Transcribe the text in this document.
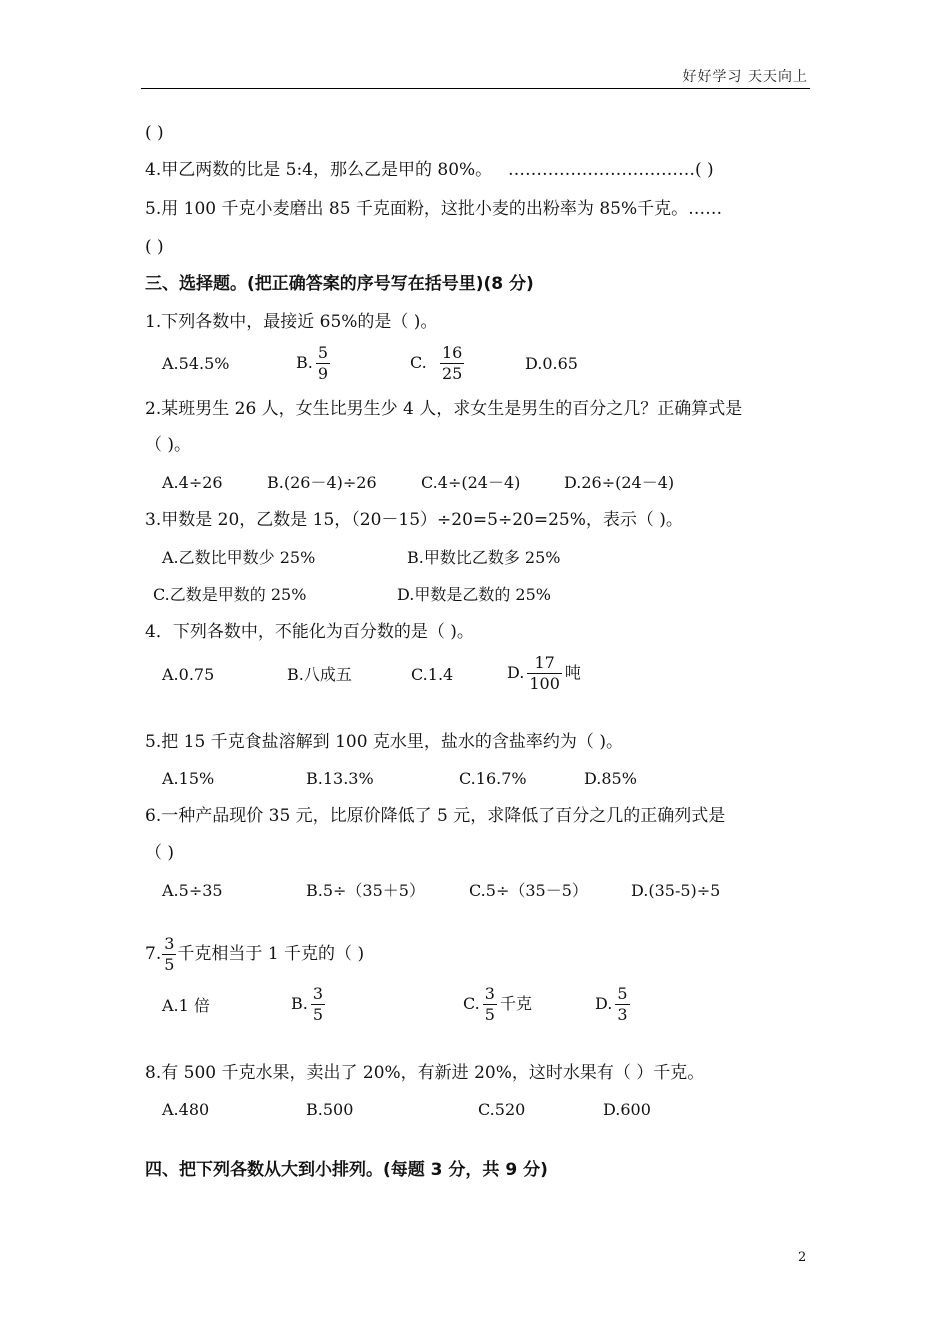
好好学习 天天向上
( )
4.甲乙两数的比是 5:4，那么乙是甲的 80%。 ……………………………( )
5.用 100 千克小麦磨出 85 千克面粉，这批小麦的出粉率为 85%千克。……
( )
三、选择题。(把正确答案的序号写在括号里)(8 分)
1.下列各数中，最接近 65%的是（ )。
A.54.5%	B. $\frac{5}{9}$	C. $\frac{16}{25}$	D.0.65
2.某班男生 26 人，女生比男生少 4 人，求女生是男生的百分之几？正确算式是
（ )。
A.4÷26	B.(26－4)÷26	C.4÷(24－4)	D.26÷(24－4)
3.甲数是 20，乙数是 15，（20－15）÷20=5÷20=25%，表示（ )。
A.乙数比甲数少 25%	B.甲数比乙数多 25%
C.乙数是甲数的 25%	D.甲数是乙数的 25%
4．下列各数中，不能化为百分数的是（ )。
A.0.75	B.八成五	C.1.4	D. $\frac{17}{100}$ 吨
5.把 15 千克食盐溶解到 100 克水里，盐水的含盐率约为（ )。
A.15%	B.13.3%	C.16.7%	D.85%
6.一种产品现价 35 元，比原价降低了 5 元，求降低了百分之几的正确列式是
（ )
A.5÷35	B.5÷（35＋5）	C.5÷（35－5）	D.(35-5)÷5
7. $\frac{3}{5}$ 千克相当于 1 千克的（ )
A.1 倍	B. $\frac{3}{5}$	C. $\frac{3}{5}$ 千克	D. $\frac{5}{3}$
8.有 500 千克水果，卖出了 20%，有新进 20%，这时水果有（ ）千克。
A.480	B.500	C.520	D.600
四、把下列各数从大到小排列。(每题 3 分，共 9 分)
2
